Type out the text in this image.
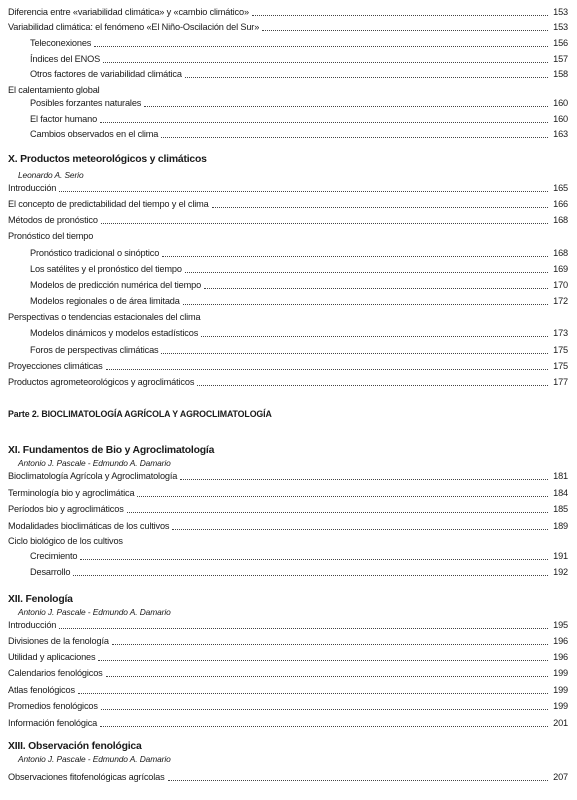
Parte 2. BIOCLIMATOLOGÍA AGRÍCOLA Y AGROCLIMATOLOGÍA
Diferencia entre «variabilidad climática» y «cambio climático»	153
Variabilidad climática: el fenómeno «El Niño-Oscilación del Sur»	153
Teleconexiones	156
Índices del ENOS	157
Otros factores de variabilidad climática	158
El calentamiento global
Posibles forzantes naturales	160
El factor humano	160
Cambios observados en el clima	163
X. Productos meteorológicos y climáticos
Leonardo A. Serio
Introducción	165
El concepto de predictabilidad del tiempo y el clima	166
Métodos de pronóstico	168
Pronóstico del tiempo
Pronóstico tradicional o sinóptico	168
Los satélites y el pronóstico del tiempo	169
Modelos de predicción numérica del tiempo	170
Modelos regionales o de área limitada	172
Perspectivas o tendencias estacionales del clima
Modelos dinámicos y modelos estadísticos	173
Foros de perspectivas climáticas	175
Proyecciones climáticas	175
Productos agrometeorológicos y agroclimáticos	177
XI. Fundamentos de Bio y Agroclimatología
Antonio J. Pascale - Edmundo A. Damario
Bioclimatología Agrícola y Agroclimatología	181
Terminología bio y agroclimática	184
Períodos bio y agroclimáticos	185
Modalidades bioclimáticas de los cultivos	189
Ciclo biológico de los cultivos
Crecimiento	191
Desarrollo	192
XII. Fenología
Antonio J. Pascale - Edmundo A. Damario
Introducción	195
Divisiones de la fenología	196
Utilidad y aplicaciones	196
Calendarios fenológicos	199
Atlas fenológicos	199
Promedios fenológicos	199
Información fenológica	201
XIII. Observación fenológica
Antonio J. Pascale - Edmundo A. Damario
Observaciones fitofenológicas agrícolas	207
